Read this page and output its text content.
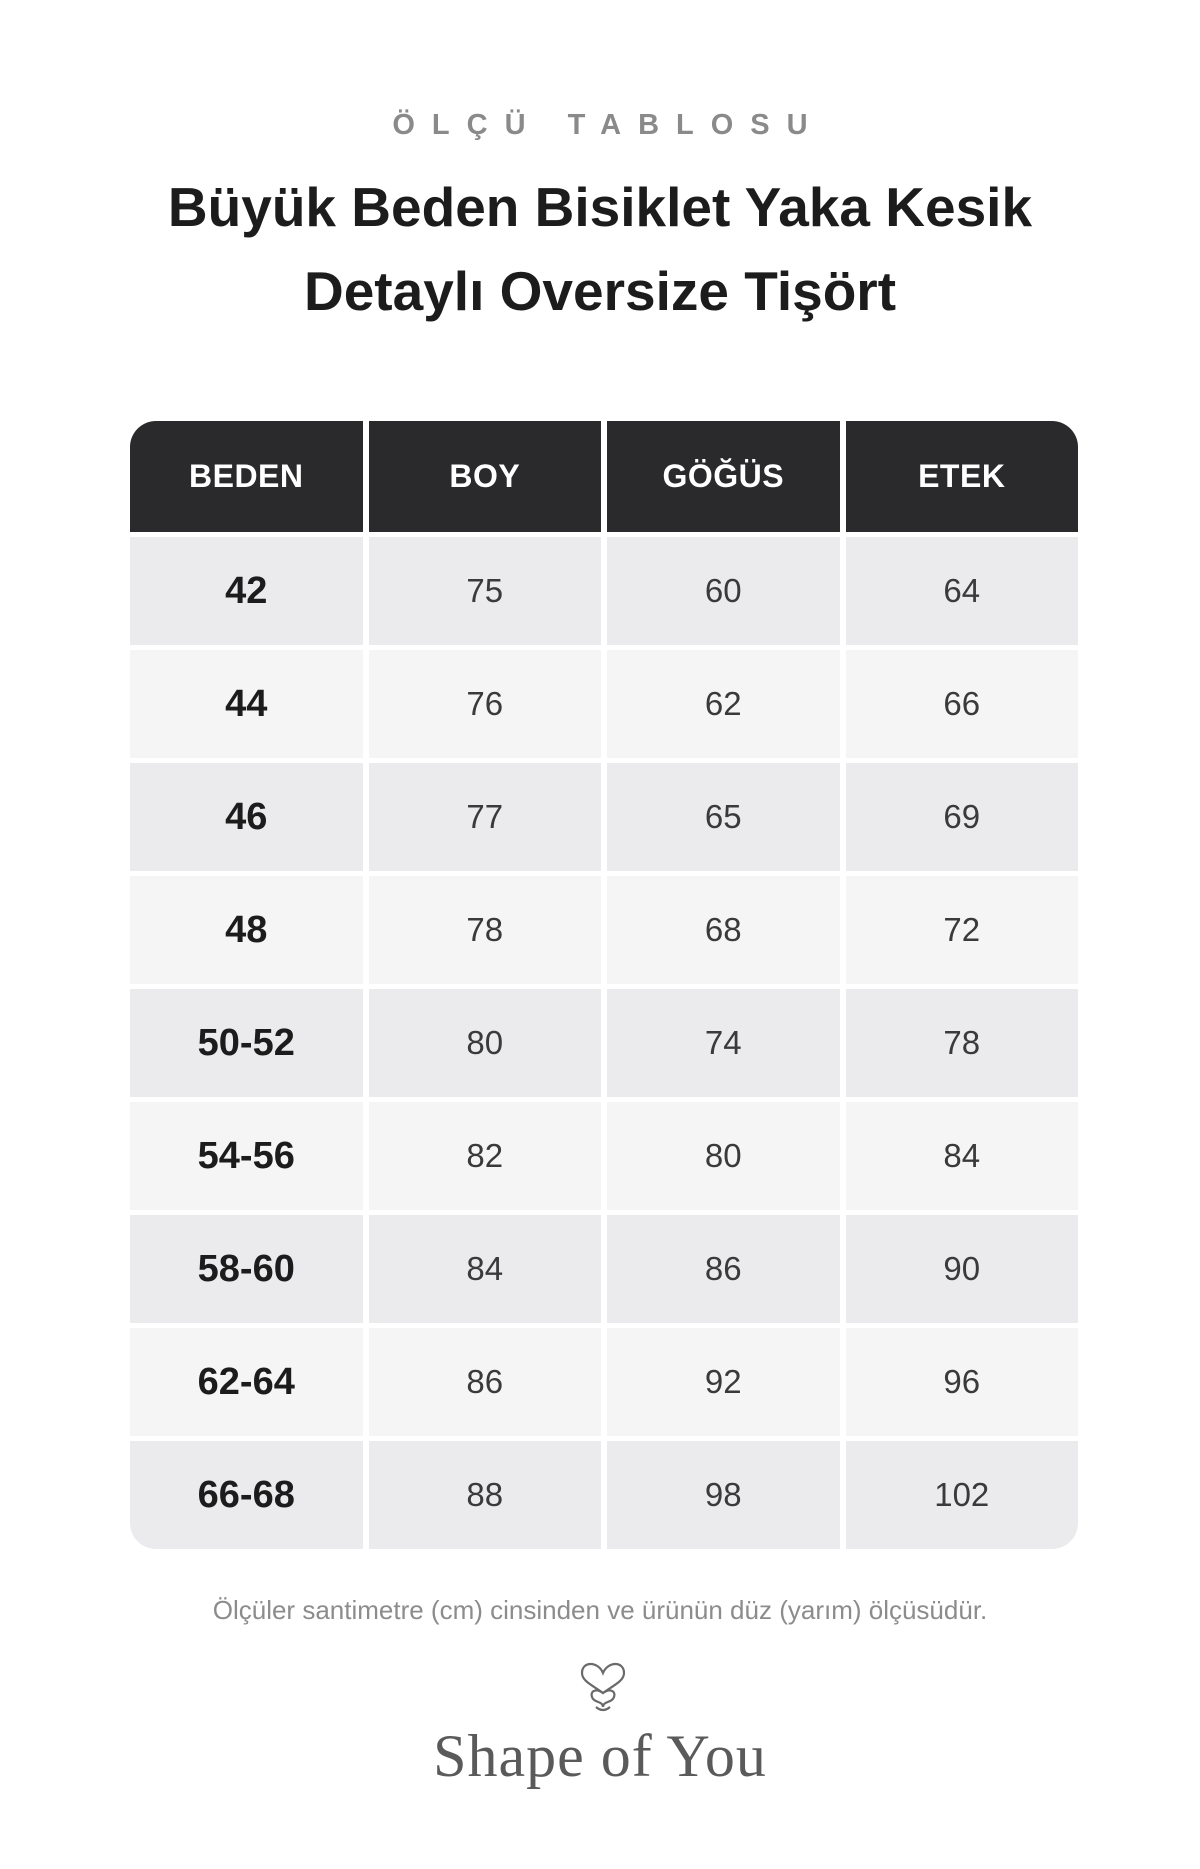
ÖLÇÜ TABLOSU
Büyük Beden Bisiklet Yaka Kesik Detaylı Oversize Tişört
BEDEN	BOY	GÖĞÜS	ETEK
42	75	60	64
44	76	62	66
46	77	65	69
48	78	68	72
50-52	80	74	78
54-56	82	80	84
58-60	84	86	90
62-64	86	92	96
66-68	88	98	102
Ölçüler santimetre (cm) cinsinden ve ürünün düz (yarım) ölçüsüdür.
Shape of You
